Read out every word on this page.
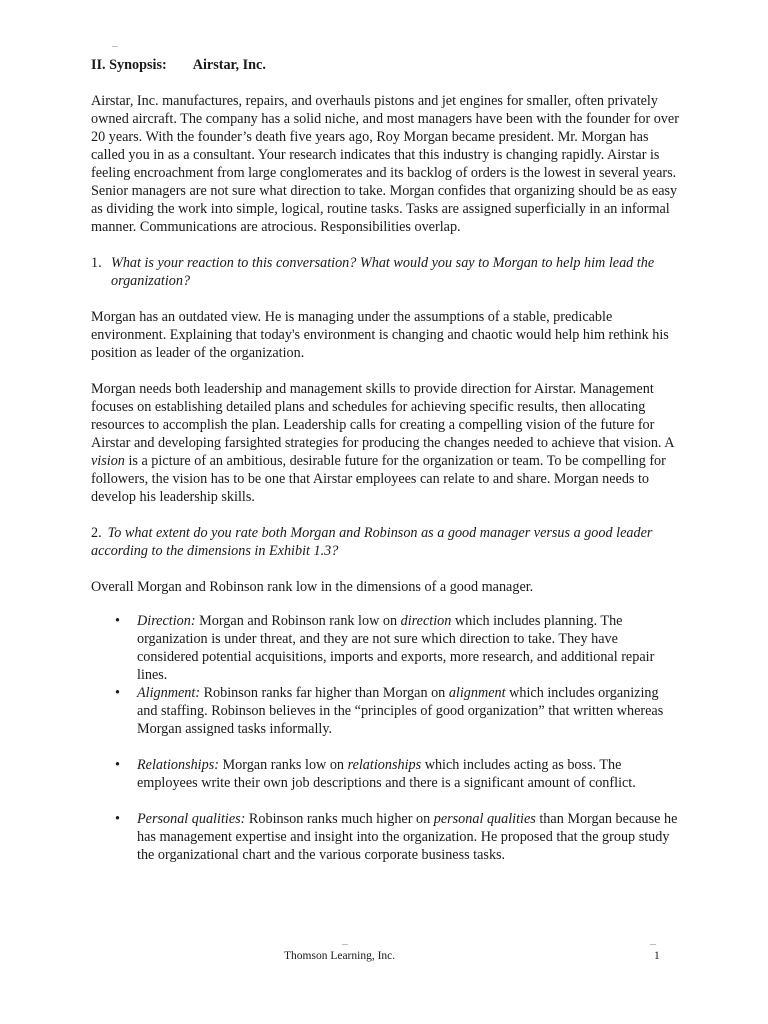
II. Synopsis: Airstar, Inc.

Airstar, Inc. manufactures, repairs, and overhauls pistons and jet engines for smaller, often privately owned aircraft. The company has a solid niche, and most managers have been with the founder for over 20 years. With the founder’s death five years ago, Roy Morgan became president. Mr. Morgan has called you in as a consultant. Your research indicates that this industry is changing rapidly. Airstar is feeling encroachment from large conglomerates and its backlog of orders is the lowest in several years. Senior managers are not sure what direction to take. Morgan confides that organizing should be as easy as dividing the work into simple, logical, routine tasks. Tasks are assigned superficially in an informal manner. Communications are atrocious. Responsibilities overlap.

1. What is your reaction to this conversation? What would you say to Morgan to help him lead the organization?

Morgan has an outdated view. He is managing under the assumptions of a stable, predicable environment. Explaining that today's environment is changing and chaotic would help him rethink his position as leader of the organization.

Morgan needs both leadership and management skills to provide direction for Airstar. Management focuses on establishing detailed plans and schedules for achieving specific results, then allocating resources to accomplish the plan. Leadership calls for creating a compelling vision of the future for Airstar and developing farsighted strategies for producing the changes needed to achieve that vision. A vision is a picture of an ambitious, desirable future for the organization or team. To be compelling for followers, the vision has to be one that Airstar employees can relate to and share. Morgan needs to develop his leadership skills.

2. To what extent do you rate both Morgan and Robinson as a good manager versus a good leader according to the dimensions in Exhibit 1.3?

Overall Morgan and Robinson rank low in the dimensions of a good manager.

•	Direction: Morgan and Robinson rank low on direction which includes planning. The organization is under threat, and they are not sure which direction to take. They have considered potential acquisitions, imports and exports, more research, and additional repair lines.
•	Alignment: Robinson ranks far higher than Morgan on alignment which includes organizing and staffing. Robinson believes in the “principles of good organization” that written whereas Morgan assigned tasks informally.
•	Relationships: Morgan ranks low on relationships which includes acting as boss. The employees write their own job descriptions and there is a significant amount of conflict.
•	Personal qualities: Robinson ranks much higher on personal qualities than Morgan because he has management expertise and insight into the organization. He proposed that the group study the organizational chart and the various corporate business tasks.
Thomson Learning, Inc.	1
